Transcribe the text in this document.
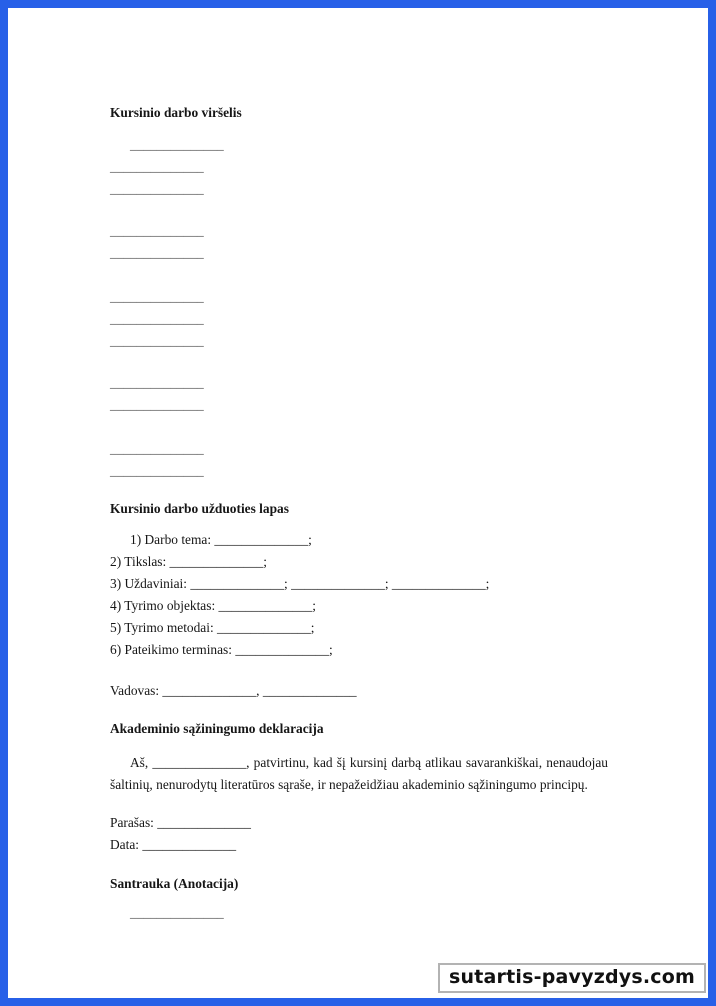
Kursinio darbo viršelis
______________
______________
______________
______________
______________
______________
______________
______________
______________
______________
______________
______________
Kursinio darbo užduoties lapas
1) Darbo tema: ______________;
2) Tikslas: ______________;
3) Uždaviniai: ______________; ______________; ______________;
4) Tyrimo objektas: ______________;
5) Tyrimo metodai: ______________;
6) Pateikimo terminas: ______________;
Vadovas: ______________, ______________
Akademinio sąžiningumo deklaracija
Aš, ______________, patvirtinu, kad šį kursinį darbą atlikau savarankiškai, nenaudojau šaltinių, nenurodytų literatūros sąraše, ir nepažeidžiau akademinio sąžiningumo principų.
Parašas: ______________
Data: ______________
Santrauka (Anotacija)
______________
sutartis-pavyzdys.com
